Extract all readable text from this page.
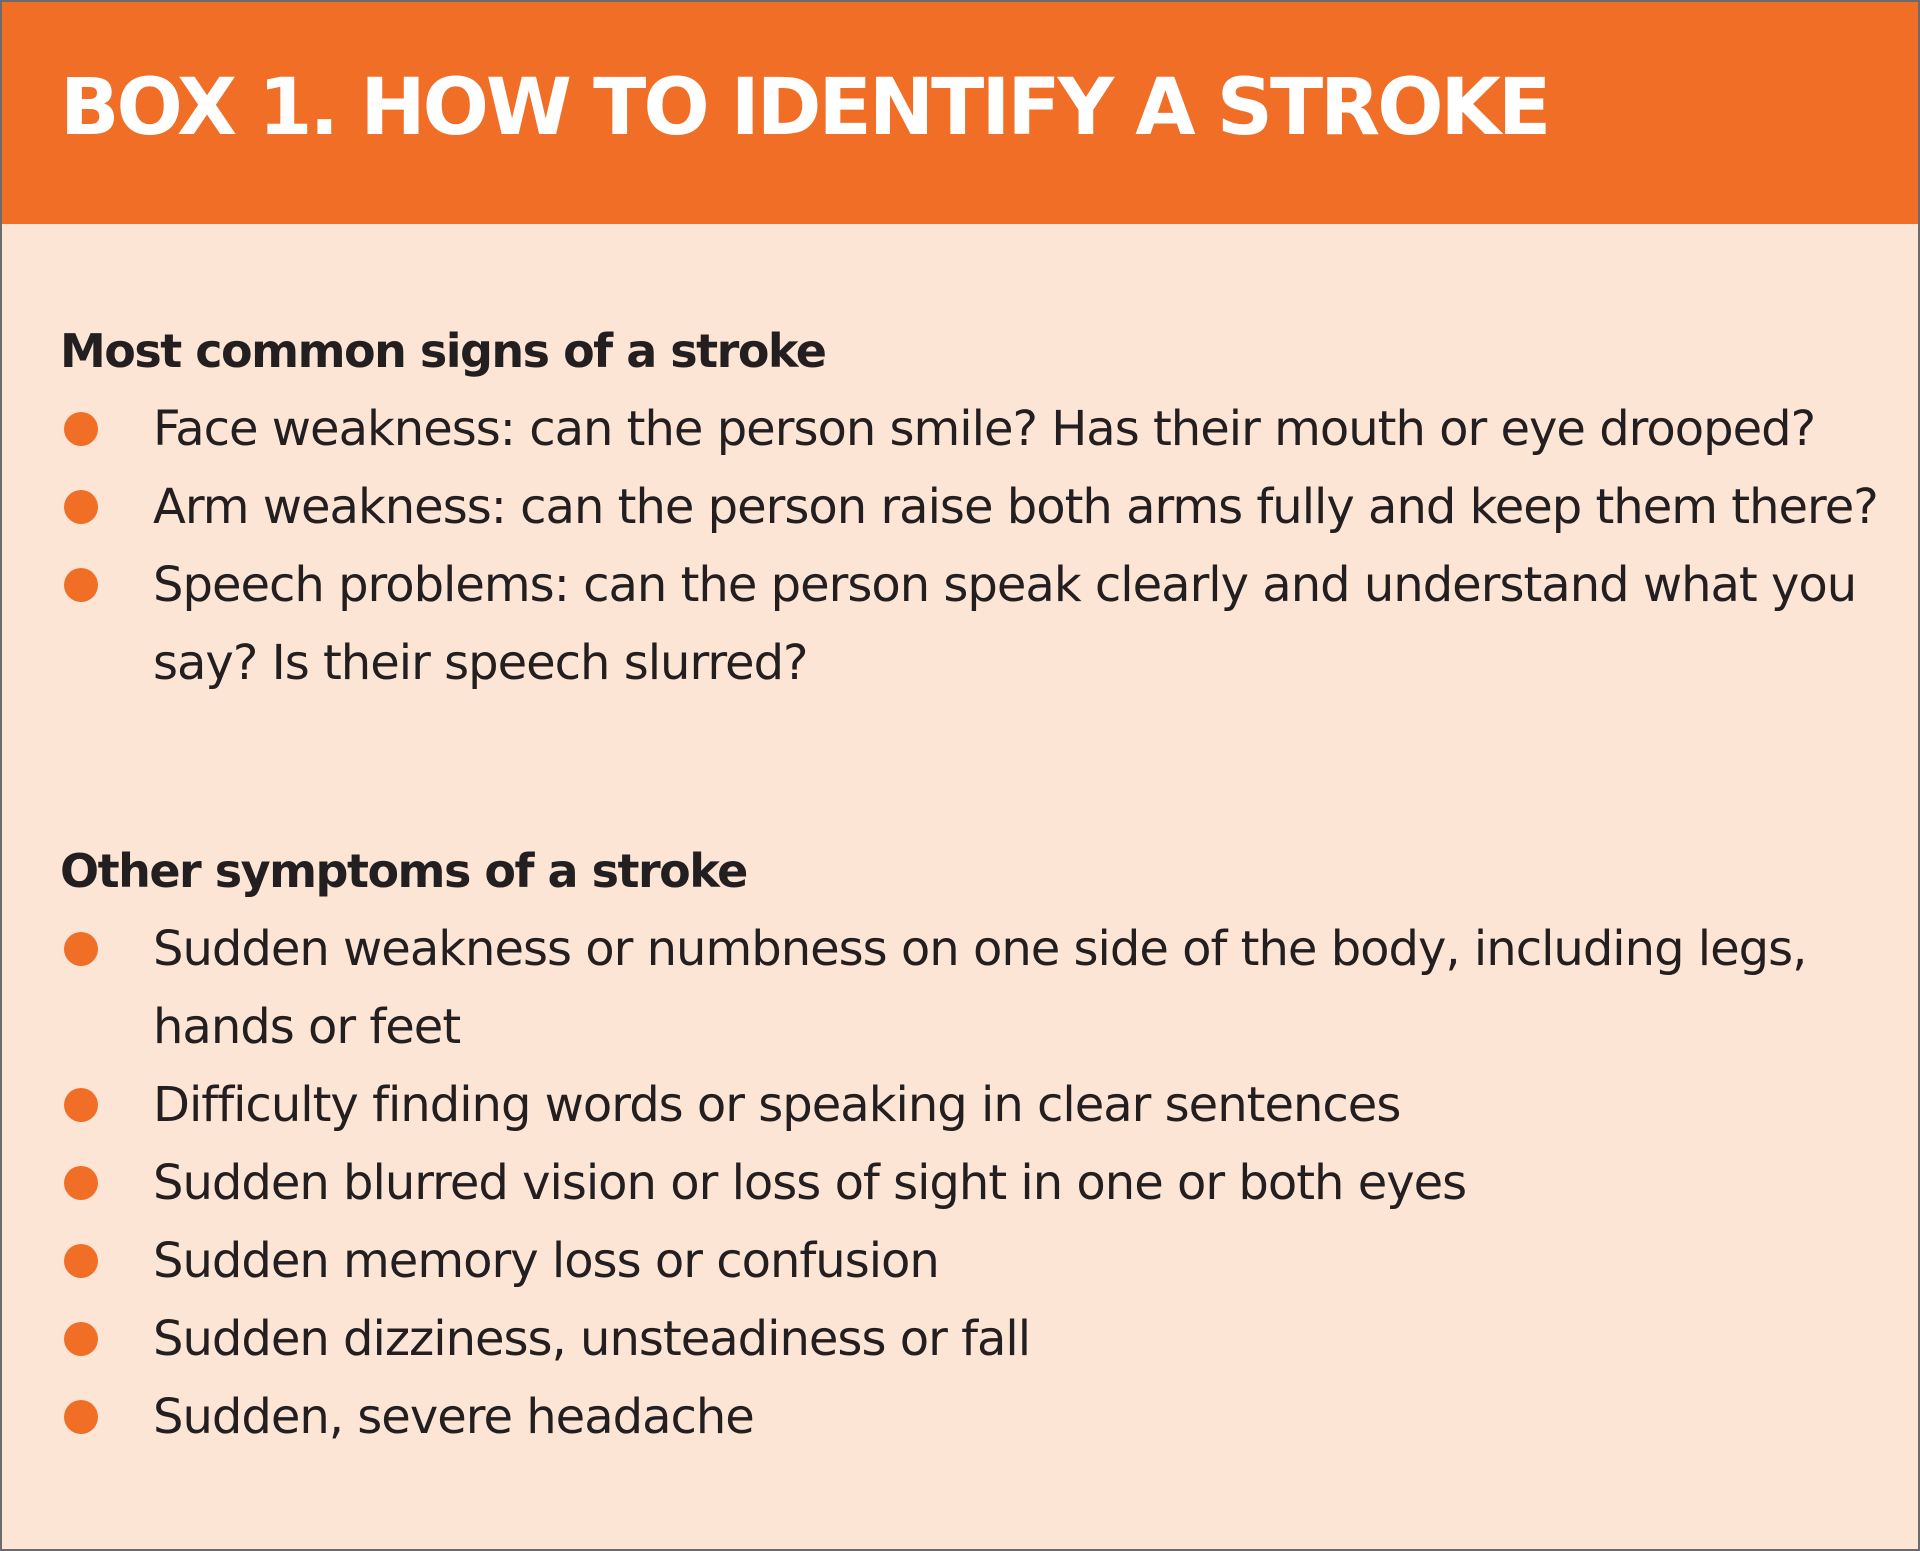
BOX 1. HOW TO IDENTIFY A STROKE
Most common signs of a stroke
Face weakness: can the person smile? Has their mouth or eye drooped?
Arm weakness: can the person raise both arms fully and keep them there?
Speech problems: can the person speak clearly and understand what you say? Is their speech slurred?
Other symptoms of a stroke
Sudden weakness or numbness on one side of the body, including legs, hands or feet
Difficulty finding words or speaking in clear sentences
Sudden blurred vision or loss of sight in one or both eyes
Sudden memory loss or confusion
Sudden dizziness, unsteadiness or fall
Sudden, severe headache
